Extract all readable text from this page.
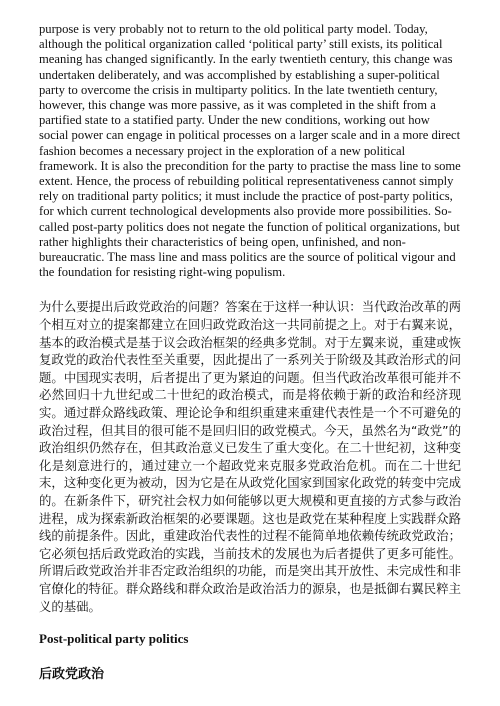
purpose is very probably not to return to the old political party model. Today, although the political organization called ‘political party’ still exists, its political meaning has changed significantly. In the early twentieth century, this change was undertaken deliberately, and was accomplished by establishing a super-political party to overcome the crisis in multiparty politics. In the late twentieth century, however, this change was more passive, as it was completed in the shift from a partified state to a statified party. Under the new conditions, working out how social power can engage in political processes on a larger scale and in a more direct fashion becomes a necessary project in the exploration of a new political framework. It is also the precondition for the party to practise the mass line to some extent. Hence, the process of rebuilding political representativeness cannot simply rely on traditional party politics; it must include the practice of post-party politics, for which current technological developments also provide more possibilities. So-called post-party politics does not negate the function of political organizations, but rather highlights their characteristics of being open, unfinished, and non-bureaucratic. The mass line and mass politics are the source of political vigour and the foundation for resisting right-wing populism.

为什么要提出后政党政治的问题？答案在于这样一种认识：当代政治改革的两个相互对立的提案都建立在回归政党政治这一共同前提之上。对于右翼来说，基本的政治模式是基于议会政治框架的经典多党制。对于左翼来说，重建或恢复政党的政治代表性至关重要，因此提出了一系列关于阶级及其政治形式的问题。中国现实表明，后者提出了更为紧迫的问题。但当代政治改革很可能并不必然回归十九世纪或二十世纪的政治模式，而是将依赖于新的政治和经济现实。通过群众路线政策、理论论争和组织重建来重建代表性是一个不可避免的政治过程，但其目的很可能不是回归旧的政党模式。今天，虽然名为“政党”的政治组织仍然存在，但其政治意义已发生了重大变化。在二十世纪初，这种变化是刻意进行的，通过建立一个超政党来克服多党政治危机。而在二十世纪末，这种变化更为被动，因为它是在从政党化国家到国家化政党的转变中完成的。在新条件下，研究社会权力如何能够以更大规模和更直接的方式参与政治进程，成为探索新政治框架的必要课题。这也是政党在某种程度上实践群众路线的前提条件。因此，重建政治代表性的过程不能简单地依赖传统政党政治；它必须包括后政党政治的实践，当前技术的发展也为后者提供了更多可能性。所谓后政党政治并非否定政治组织的功能，而是突出其开放性、未完成性和非官僚化的特征。群众路线和群众政治是政治活力的源泉，也是抵御右翼民粹主义的基础。

Post-political party politics
后政党政治
